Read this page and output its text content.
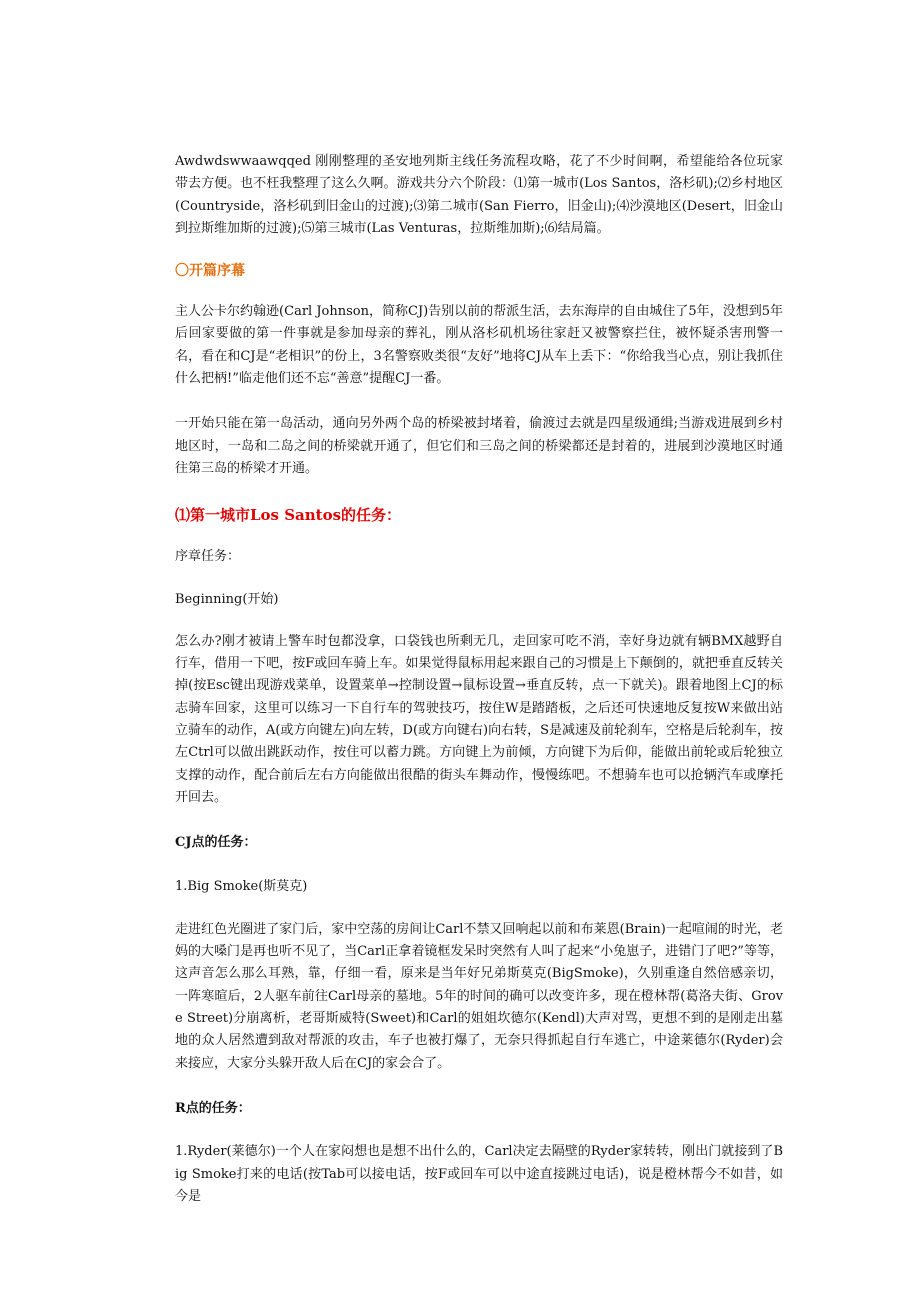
Awdwdswwaawqqed 刚刚整理的圣安地列斯主线任务流程攻略，花了不少时间啊，希望能给各位玩家带去方便。也不枉我整理了这么久啊。游戏共分六个阶段：⑴第一城市(Los Santos，洛杉矶);⑵乡村地区(Countryside，洛杉矶到旧金山的过渡);⑶第二城市(San Fierro，旧金山);⑷沙漠地区(Desert，旧金山到拉斯维加斯的过渡);⑸第三城市(Las Venturas，拉斯维加斯);⑹结局篇。

〇开篇序幕

主人公卡尔约翰逊(Carl Johnson，简称CJ)告别以前的帮派生活，去东海岸的自由城住了5年，没想到5年后回家要做的第一件事就是参加母亲的葬礼，刚从洛杉矶机场往家赶又被警察拦住，被怀疑杀害刑警一名，看在和CJ是“老相识”的份上，3名警察败类很“友好”地将CJ从车上丢下：“你给我当心点，别让我抓住什么把柄!”临走他们还不忘“善意”提醒CJ一番。

一开始只能在第一岛活动，通向另外两个岛的桥梁被封堵着，偷渡过去就是四星级通缉;当游戏进展到乡村地区时，一岛和二岛之间的桥梁就开通了，但它们和三岛之间的桥梁都还是封着的，进展到沙漠地区时通往第三岛的桥梁才开通。

⑴第一城市Los Santos的任务：

序章任务：

Beginning(开始)

怎么办?刚才被请上警车时包都没拿，口袋钱也所剩无几，走回家可吃不消，幸好身边就有辆BMX越野自行车，借用一下吧，按F或回车骑上车。如果觉得鼠标用起来跟自己的习惯是上下颠倒的，就把垂直反转关掉(按Esc键出现游戏菜单，设置菜单→控制设置→鼠标设置→垂直反转，点一下就关)。跟着地图上CJ的标志骑车回家，这里可以练习一下自行车的驾驶技巧，按住W是踏踏板，之后还可快速地反复按W来做出站立骑车的动作，A(或方向键左)向左转，D(或方向键右)向右转，S是减速及前轮刹车，空格是后轮刹车，按左Ctrl可以做出跳跃动作，按住可以蓄力跳。方向键上为前倾，方向键下为后仰，能做出前轮或后轮独立支撑的动作，配合前后左右方向能做出很酷的街头车舞动作，慢慢练吧。不想骑车也可以抢辆汽车或摩托开回去。

CJ点的任务：

1.Big Smoke(斯莫克)

走进红色光圈进了家门后，家中空荡的房间让Carl不禁又回响起以前和布莱恩(Brain)一起喧闹的时光，老妈的大嗓门是再也听不见了，当Carl正拿着镜框发呆时突然有人叫了起来“小兔崽子，进错门了吧?”等等，这声音怎么那么耳熟，靠，仔细一看，原来是当年好兄弟斯莫克(BigSmoke)，久别重逢自然倍感亲切，一阵寒暄后，2人驱车前往Carl母亲的墓地。5年的时间的确可以改变许多，现在橙林帮(葛洛夫街、Grove Street)分崩离析，老哥斯威特(Sweet)和Carl的姐姐坎德尔(Kendl)大声对骂，更想不到的是刚走出墓地的众人居然遭到敌对帮派的攻击，车子也被打爆了，无奈只得抓起自行车逃亡，中途莱德尔(Ryder)会来接应，大家分头躲开敌人后在CJ的家会合了。

R点的任务：

1.Ryder(莱德尔)一个人在家闷想也是想不出什么的，Carl决定去隔壁的Ryder家转转，刚出门就接到了Big Smoke打来的电话(按Tab可以接电话，按F或回车可以中途直接跳过电话)，说是橙林帮今不如昔，如今是
